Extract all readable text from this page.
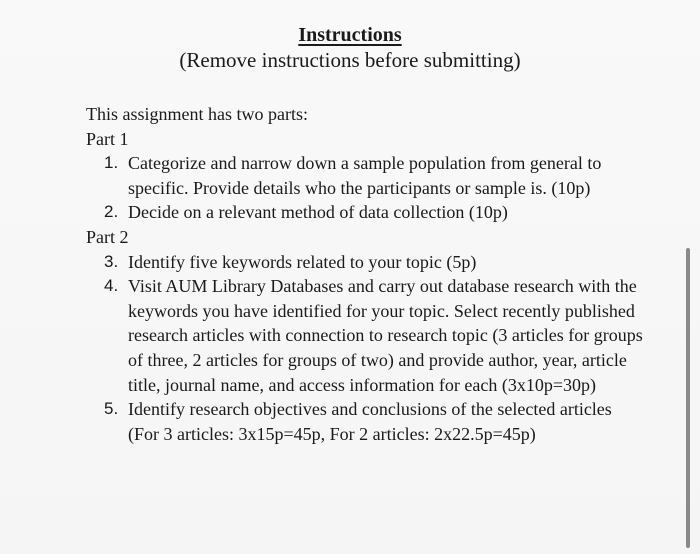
Instructions
(Remove instructions before submitting)

This assignment has two parts:

Part 1

1. Categorize and narrow down a sample population from general to specific. Provide details who the participants or sample is. (10p)
2. Decide on a relevant method of data collection (10p)

Part 2

3. Identify five keywords related to your topic (5p)
4. Visit AUM Library Databases and carry out database research with the keywords you have identified for your topic. Select recently published research articles with connection to research topic (3 articles for groups of three, 2 articles for groups of two) and provide author, year, article title, journal name, and access information for each (3x10p=30p)
5. Identify research objectives and conclusions of the selected articles (For 3 articles: 3x15p=45p, For 2 articles: 2x22.5p=45p)
